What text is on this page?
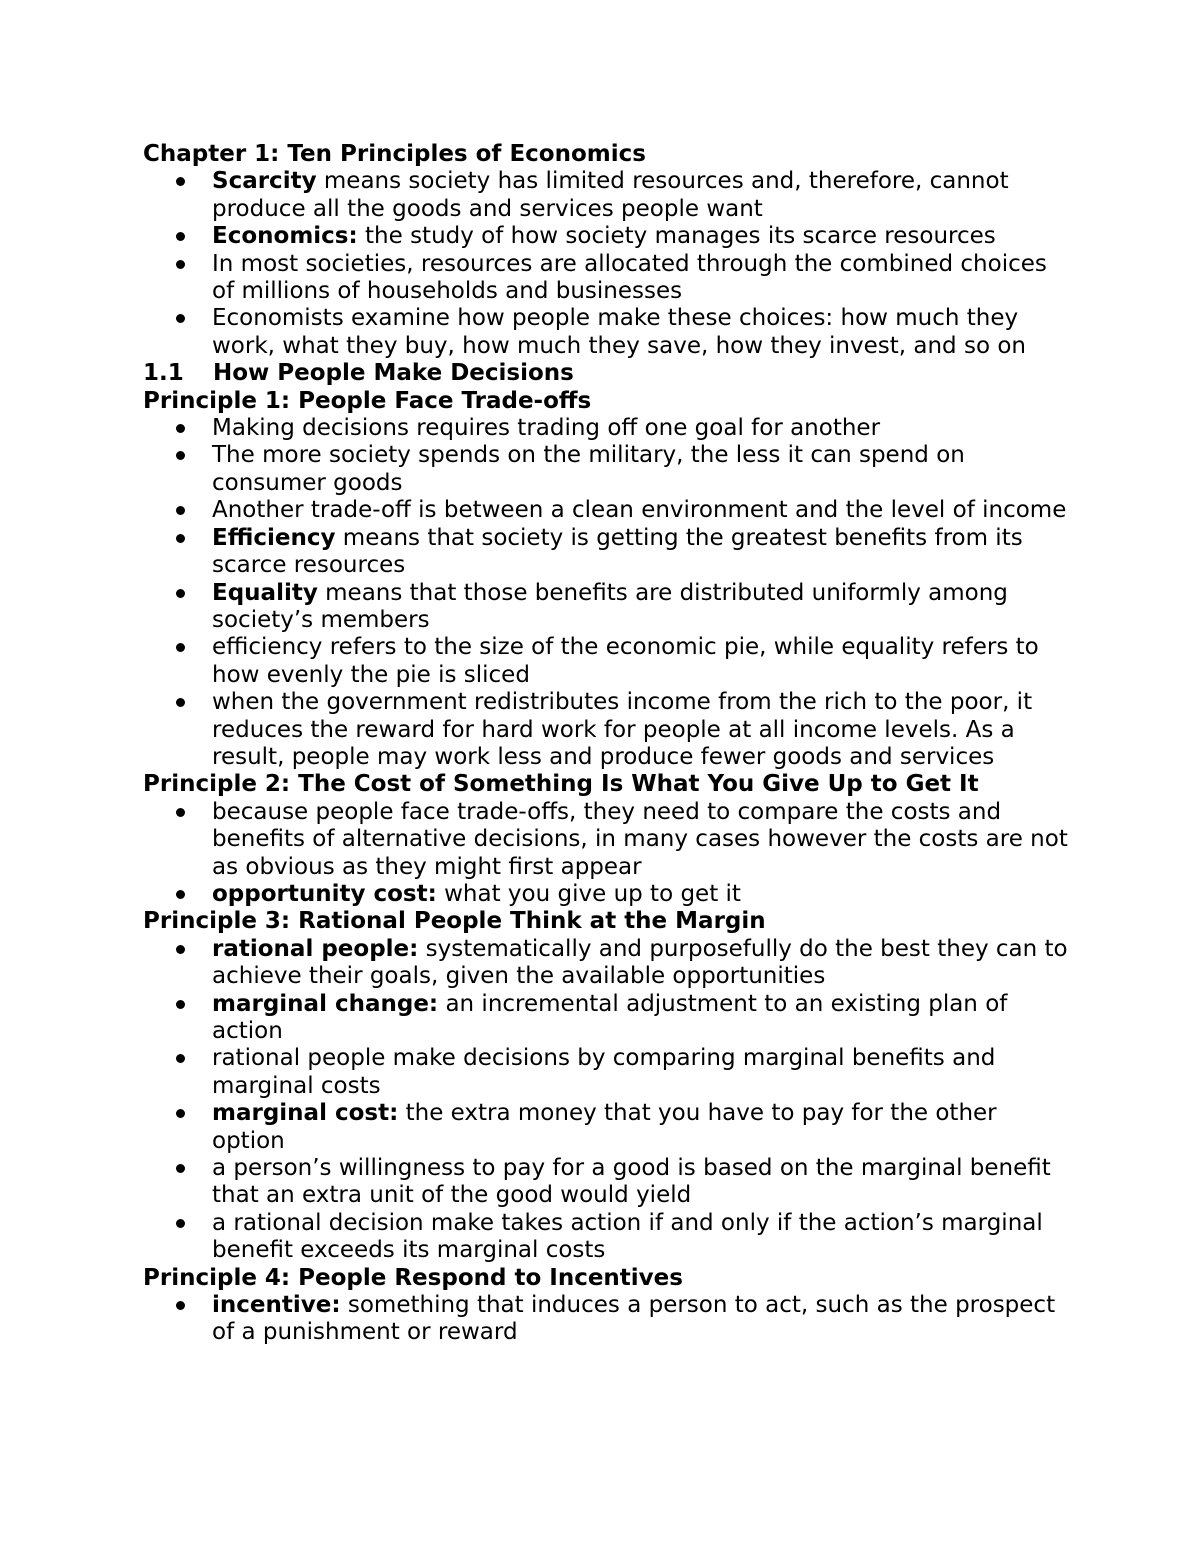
Chapter 1: Ten Principles of Economics
Scarcity means society has limited resources and, therefore, cannot produce all the goods and services people want
Economics: the study of how society manages its scarce resources
In most societies, resources are allocated through the combined choices of millions of households and businesses
Economists examine how people make these choices: how much they work, what they buy, how much they save, how they invest, and so on
1.1 How People Make Decisions
Principle 1: People Face Trade-offs
Making decisions requires trading off one goal for another
The more society spends on the military, the less it can spend on consumer goods
Another trade-off is between a clean environment and the level of income
Efficiency means that society is getting the greatest benefits from its scarce resources
Equality means that those benefits are distributed uniformly among society’s members
efficiency refers to the size of the economic pie, while equality refers to how evenly the pie is sliced
when the government redistributes income from the rich to the poor, it reduces the reward for hard work for people at all income levels. As a result, people may work less and produce fewer goods and services
Principle 2: The Cost of Something Is What You Give Up to Get It
because people face trade-offs, they need to compare the costs and benefits of alternative decisions, in many cases however the costs are not as obvious as they might first appear
opportunity cost: what you give up to get it
Principle 3: Rational People Think at the Margin
rational people: systematically and purposefully do the best they can to achieve their goals, given the available opportunities
marginal change: an incremental adjustment to an existing plan of action
rational people make decisions by comparing marginal benefits and marginal costs
marginal cost: the extra money that you have to pay for the other option
a person’s willingness to pay for a good is based on the marginal benefit that an extra unit of the good would yield
a rational decision make takes action if and only if the action’s marginal benefit exceeds its marginal costs
Principle 4: People Respond to Incentives
incentive: something that induces a person to act, such as the prospect of a punishment or reward
